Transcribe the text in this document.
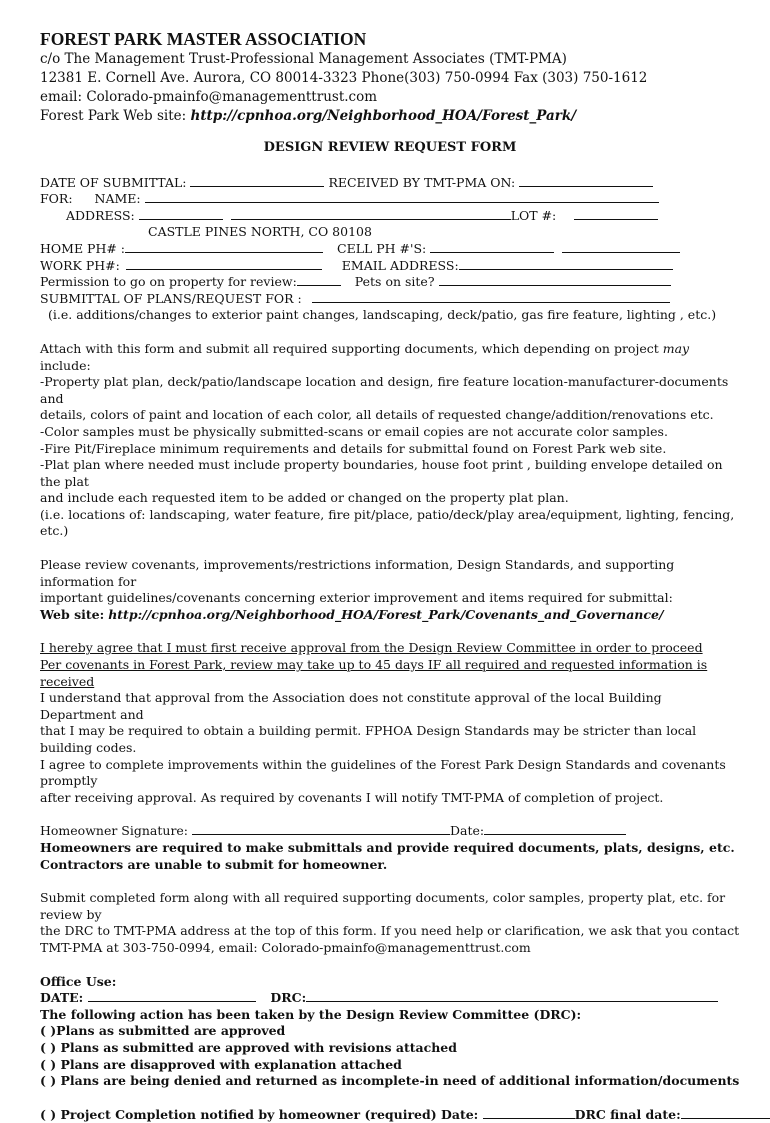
FOREST PARK MASTER ASSOCIATION
c/o The Management Trust-Professional Management Associates (TMT-PMA)
12381 E. Cornell Ave. Aurora, CO 80014-3323 Phone(303) 750-0994 Fax (303) 750-1612
email: Colorado-pmainfo@managementtrust.com
Forest Park Web site: http://cpnhoa.org/Neighborhood_HOA/Forest_Park/
DESIGN REVIEW REQUEST FORM
DATE OF SUBMITTAL:	RECEIVED BY TMT-PMA ON:
FOR: NAME:
ADDRESS:	LOT #:
CASTLE PINES NORTH, CO 80108
HOME PH# :	CELL PH #'S:
WORK PH#:	EMAIL ADDRESS:
Permission to go on property for review:	Pets on site?
SUBMITTAL OF PLANS/REQUEST FOR :
(i.e. additions/changes to exterior paint changes, landscaping, deck/patio, gas fire feature, lighting , etc.)
Attach with this form and submit all required supporting documents, which depending on project may include:
-Property plat plan, deck/patio/landscape location and design, fire feature location-manufacturer-documents and
details, colors of paint and location of each color, all details of requested change/addition/renovations etc.
-Color samples must be physically submitted-scans or email copies are not accurate color samples.
-Fire Pit/Fireplace minimum requirements and details for submittal found on Forest Park web site.
-Plat plan where needed must include property boundaries, house foot print , building envelope detailed on the plat
and include each requested item to be added or changed on the property plat plan.
(i.e. locations of: landscaping, water feature, fire pit/place, patio/deck/play area/equipment, lighting, fencing, etc.)
Please review covenants, improvements/restrictions information, Design Standards, and supporting information for
important guidelines/covenants concerning exterior improvement and items required for submittal:
Web site: http://cpnhoa.org/Neighborhood_HOA/Forest_Park/Covenants_and_Governance/
I hereby agree that I must first receive approval from the Design Review Committee in order to proceed
Per covenants in Forest Park, review may take up to 45 days IF all required and requested information is received
I understand that approval from the Association does not constitute approval of the local Building Department and
that I may be required to obtain a building permit. FPHOA Design Standards may be stricter than local building codes.
I agree to complete improvements within the guidelines of the Forest Park Design Standards and covenants promptly
after receiving approval. As required by covenants I will notify TMT-PMA of completion of project.
Homeowner Signature:	Date:
Homeowners are required to make submittals and provide required documents, plats, designs, etc.
Contractors are unable to submit for homeowner.
Submit completed form along with all required supporting documents, color samples, property plat, etc. for review by
the DRC to TMT-PMA address at the top of this form. If you need help or clarification, we ask that you contact
TMT-PMA at 303-750-0994, email: Colorado-pmainfo@managementtrust.com
Office Use:
DATE:	DRC:
The following action has been taken by the Design Review Committee (DRC):
( )Plans as submitted are approved
( ) Plans as submitted are approved with revisions attached
( ) Plans are disapproved with explanation attached
( ) Plans are being denied and returned as incomplete-in need of additional information/documents
( ) Project Completion notified by homeowner (required) Date:	DRC final date:
